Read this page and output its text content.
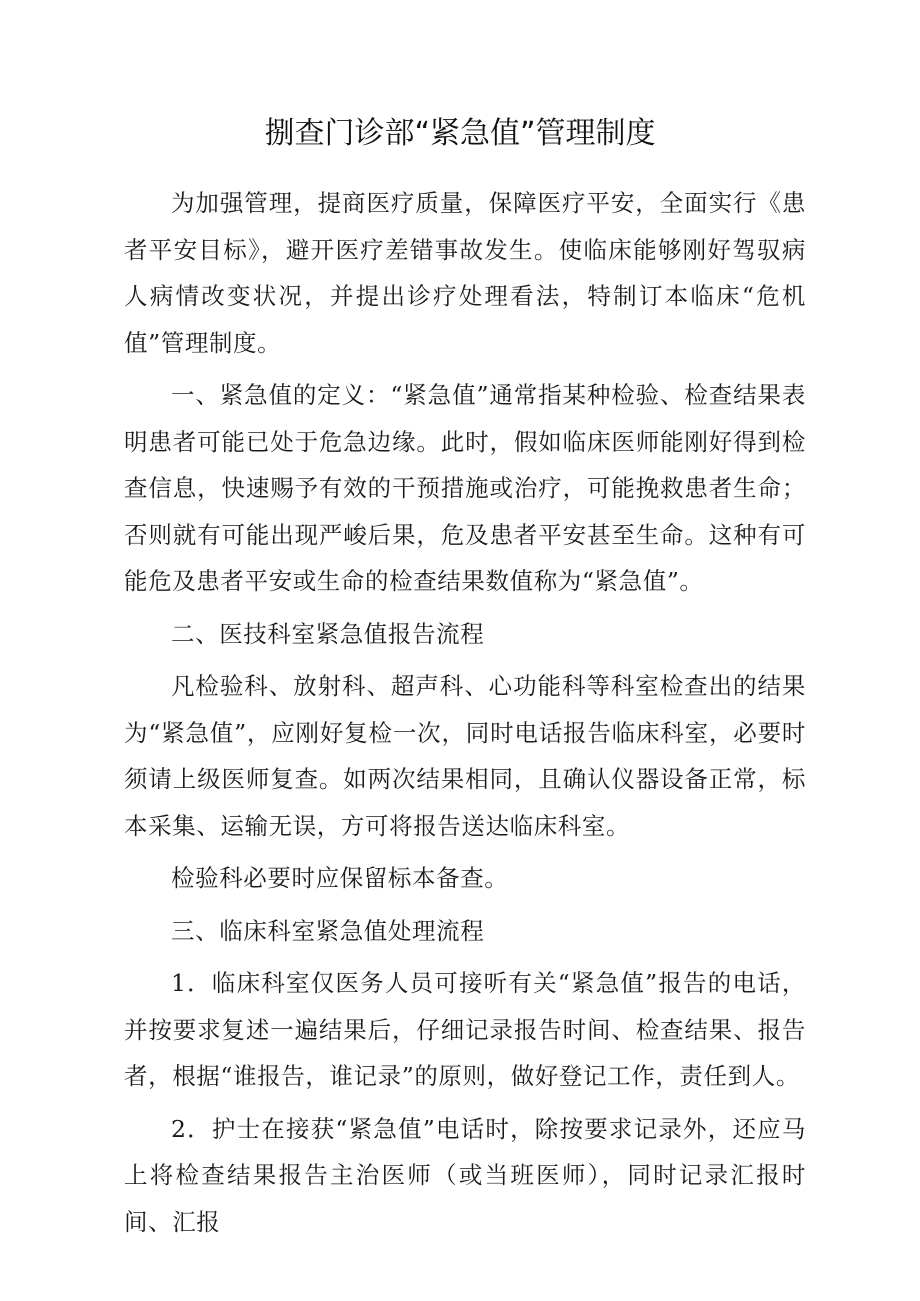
捌查门诊部“紧急值”管理制度

为加强管理，提商医疗质量，保障医疗平安，全面实行《患者平安目标》，避开医疗差错事故发生。使临床能够刚好驾驭病人病情改变状况，并提出诊疗处理看法，特制订本临床“危机值”管理制度。

一、紧急值的定义：“紧急值”通常指某种检验、检查结果表明患者可能已处于危急边缘。此时，假如临床医师能刚好得到检查信息，快速赐予有效的干预措施或治疗，可能挽救患者生命；否则就有可能出现严峻后果，危及患者平安甚至生命。这种有可能危及患者平安或生命的检查结果数值称为“紧急值”。

二、医技科室紧急值报告流程

凡检验科、放射科、超声科、心功能科等科室检查出的结果为“紧急值”，应刚好复检一次，同时电话报告临床科室，必要时须请上级医师复查。如两次结果相同，且确认仪器设备正常，标本采集、运输无误，方可将报告送达临床科室。

检验科必要时应保留标本备查。

三、临床科室紧急值处理流程

1．临床科室仅医务人员可接听有关“紧急值”报告的电话，并按要求复述一遍结果后，仔细记录报告时间、检查结果、报告者，根据“谁报告，谁记录”的原则，做好登记工作，责任到人。

2．护士在接获“紧急值”电话时，除按要求记录外，还应马上将检查结果报告主治医师（或当班医师），同时记录汇报时间、汇报
